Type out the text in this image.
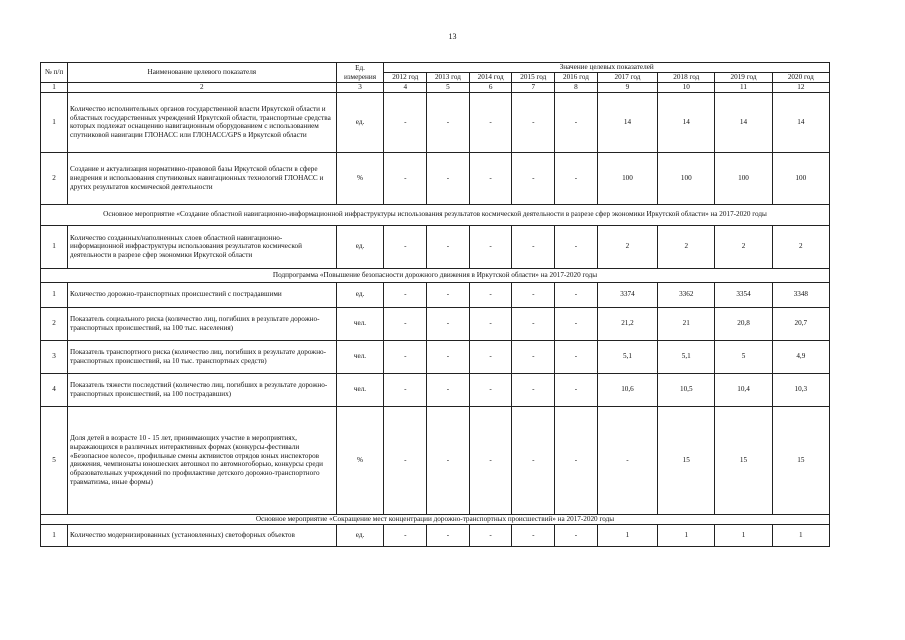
13
№ п/п	Наименование целевого показателя	Ед. измерения	Значение целевых показателей								
			2012 год	2013 год	2014 год	2015 год	2016 год	2017 год	2018 год	2019 год	2020 год
1	2	3	4	5	6	7	8	9	10	11	12
1	Количество исполнительных органов государственной власти Иркутской области и областных государственных учреждений Иркутской области, транспортные средства которых подлежат оснащению навигационным оборудованием с использованием спутниковой навигации ГЛОНАСС или ГЛОНАСС/GPS в Иркутской области	ед.	-	-	-	-	-	14	14	14	14
2	Создание и актуализация нормативно-правовой базы Иркутской области в сфере внедрения и использования спутниковых навигационных технологий ГЛОНАСС и других результатов космической деятельности	%	-	-	-	-	-	100	100	100	100
Основное мероприятие «Создание областной навигационно-информационной инфраструктуры использования результатов космической деятельности в разрезе сфер экономики Иркутской области» на 2017-2020 годы											
1	Количество созданных/наполненных слоев областной навигационно-информационной инфраструктуры использования результатов космической деятельности в разрезе сфер экономики Иркутской области	ед.	-	-	-	-	-	2	2	2	2
Подпрограмма «Повышение безопасности дорожного движения в Иркутской области» на 2017-2020 годы											
1	Количество дорожно-транспортных происшествий с пострадавшими	ед.	-	-	-	-	-	3374	3362	3354	3348
2	Показатель социального риска (количество лиц, погибших в результате дорожно-транспортных происшествий, на 100 тыс. населения)	чел.	-	-	-	-	-	21,2	21	20,8	20,7
3	Показатель транспортного риска (количество лиц, погибших в результате дорожно-транспортных происшествий, на 10 тыс. транспортных средств)	чел.	-	-	-	-	-	5,1	5,1	5	4,9
4	Показатель тяжести последствий (количество лиц, погибших в результате дорожно-транспортных происшествий, на 100 пострадавших)	чел.	-	-	-	-	-	10,6	10,5	10,4	10,3
5	Доля детей в возрасте 10 - 15 лет, принимающих участие в мероприятиях, выражающихся в различных интерактивных формах (конкурсы-фестивали «Безопасное колесо», профильные смены активистов отрядов юных инспекторов движения, чемпионаты юношеских автошкол по автомногоборью, конкурсы среди образовательных учреждений по профилактике детского дорожно-транспортного травматизма, иные формы)	%	-	-	-	-	-	-	15	15	15
Основное мероприятие «Сокращение мест концентрации дорожно-транспортных происшествий» на 2017-2020 годы											
1	Количество модернизированных (установленных) светофорных объектов	ед.	-	-	-	-	-	1	1	1	1
